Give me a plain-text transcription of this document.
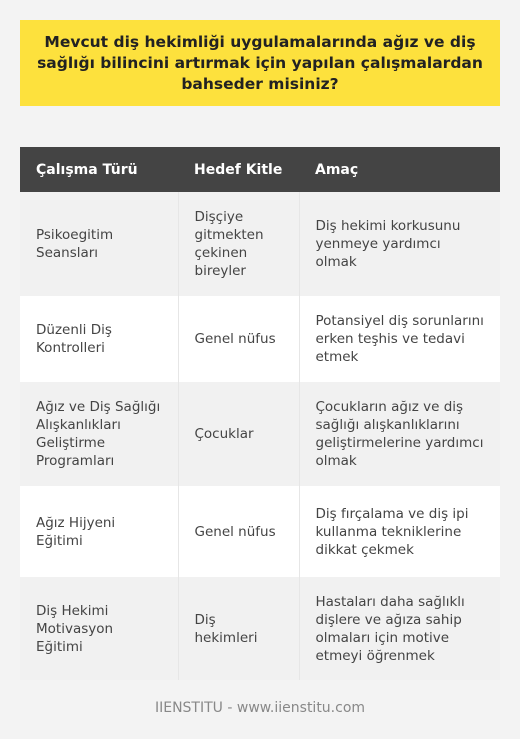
Mevcut diş hekimliği uygulamalarında ağız ve diş sağlığı bilincini artırmak için yapılan çalışmalardan bahseder misiniz?
Çalışma Türü	Hedef Kitle	Amaç
Psikoegitim Seansları	Dişçiye gitmekten çekinen bireyler	Diş hekimi korkusunu yenmeye yardımcı olmak
Düzenli Diş Kontrolleri	Genel nüfus	Potansiyel diş sorunlarını erken teşhis ve tedavi etmek
Ağız ve Diş Sağlığı Alışkanlıkları Geliştirme Programları	Çocuklar	Çocukların ağız ve diş sağlığı alışkanlıklarını geliştirmelerine yardımcı olmak
Ağız Hijyeni Eğitimi	Genel nüfus	Diş fırçalama ve diş ipi kullanma tekniklerine dikkat çekmek
Diş Hekimi Motivasyon Eğitimi	Diş hekimleri	Hastaları daha sağlıklı dişlere ve ağıza sahip olmaları için motive etmeyi öğrenmek
IIENSTITU - www.iienstitu.com
